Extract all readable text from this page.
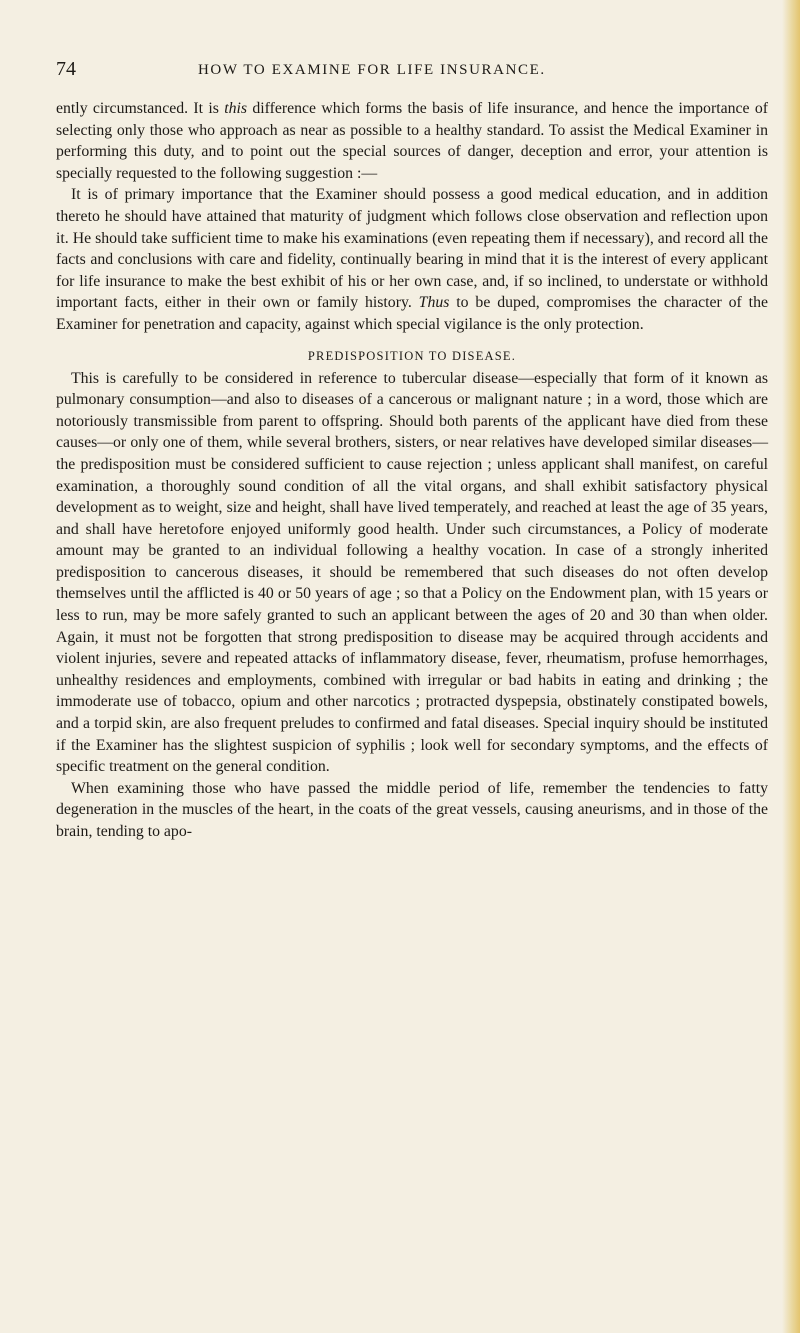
74	HOW TO EXAMINE FOR LIFE INSURANCE.

ently circumstanced. It is this difference which forms the basis of life insurance, and hence the importance of selecting only those who approach as near as possible to a healthy standard. To assist the Medical Examiner in performing this duty, and to point out the special sources of danger, deception and error, your attention is specially requested to the following suggestion :—

It is of primary importance that the Examiner should possess a good medical education, and in addition thereto he should have attained that maturity of judgment which follows close observation and reflection upon it. He should take sufficient time to make his examinations (even repeating them if necessary), and record all the facts and conclusions with care and fidelity, continually bearing in mind that it is the interest of every applicant for life insurance to make the best exhibit of his or her own case, and, if so inclined, to understate or withhold important facts, either in their own or family history. Thus to be duped, compromises the character of the Examiner for penetration and capacity, against which special vigilance is the only protection.

PREDISPOSITION TO DISEASE.

This is carefully to be considered in reference to tubercular disease—especially that form of it known as pulmonary consumption—and also to diseases of a cancerous or malignant nature ; in a word, those which are notoriously transmissible from parent to offspring. Should both parents of the applicant have died from these causes—or only one of them, while several brothers, sisters, or near relatives have developed similar diseases—the predisposition must be considered sufficient to cause rejection ; unless applicant shall manifest, on careful examination, a thoroughly sound condition of all the vital organs, and shall exhibit satisfactory physical development as to weight, size and height, shall have lived temperately, and reached at least the age of 35 years, and shall have heretofore enjoyed uniformly good health. Under such circumstances, a Policy of moderate amount may be granted to an individual following a healthy vocation. In case of a strongly inherited predisposition to cancerous diseases, it should be remembered that such diseases do not often develop themselves until the afflicted is 40 or 50 years of age ; so that a Policy on the Endowment plan, with 15 years or less to run, may be more safely granted to such an applicant between the ages of 20 and 30 than when older. Again, it must not be forgotten that strong predisposition to disease may be acquired through accidents and violent injuries, severe and repeated attacks of inflammatory disease, fever, rheumatism, profuse hemorrhages, unhealthy residences and employments, combined with irregular or bad habits in eating and drinking ; the immoderate use of tobacco, opium and other narcotics ; protracted dyspepsia, obstinately constipated bowels, and a torpid skin, are also frequent preludes to confirmed and fatal diseases. Special inquiry should be instituted if the Examiner has the slightest suspicion of syphilis ; look well for secondary symptoms, and the effects of specific treatment on the general condition.

When examining those who have passed the middle period of life, remember the tendencies to fatty degeneration in the muscles of the heart, in the coats of the great vessels, causing aneurisms, and in those of the brain, tending to apo-
